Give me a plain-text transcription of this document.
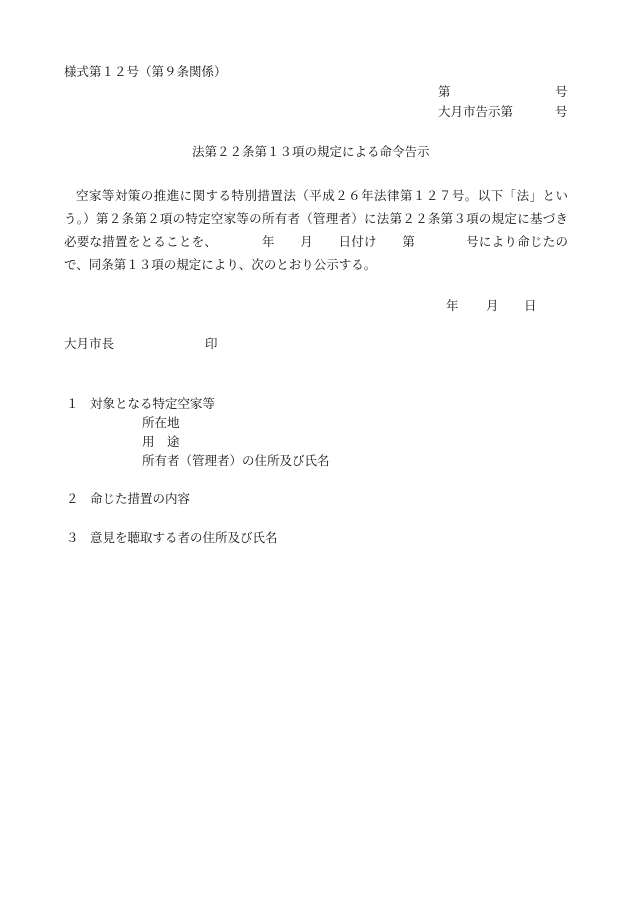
様式第１２号（第９条関係）
第	号
大月市告示第	号
法第２２条第１３項の規定による命令告示

空家等対策の推進に関する特別措置法（平成２６年法律第１２７号。以下「法」という。）第２条第２項の特定空家等の所有者（管理者）に法第２２条第３項の規定に基づき必要な措置をとることを、　　　　年　　月　　日付け　　第　　　　号により命じたので、同条第１３項の規定により、次のとおり公示する。

年 月 日
大月市長	印
１ 対象となる特定空家等
所在地
用　途
所有者（管理者）の住所及び氏名
２ 命じた措置の内容
３ 意見を聴取する者の住所及び氏名
